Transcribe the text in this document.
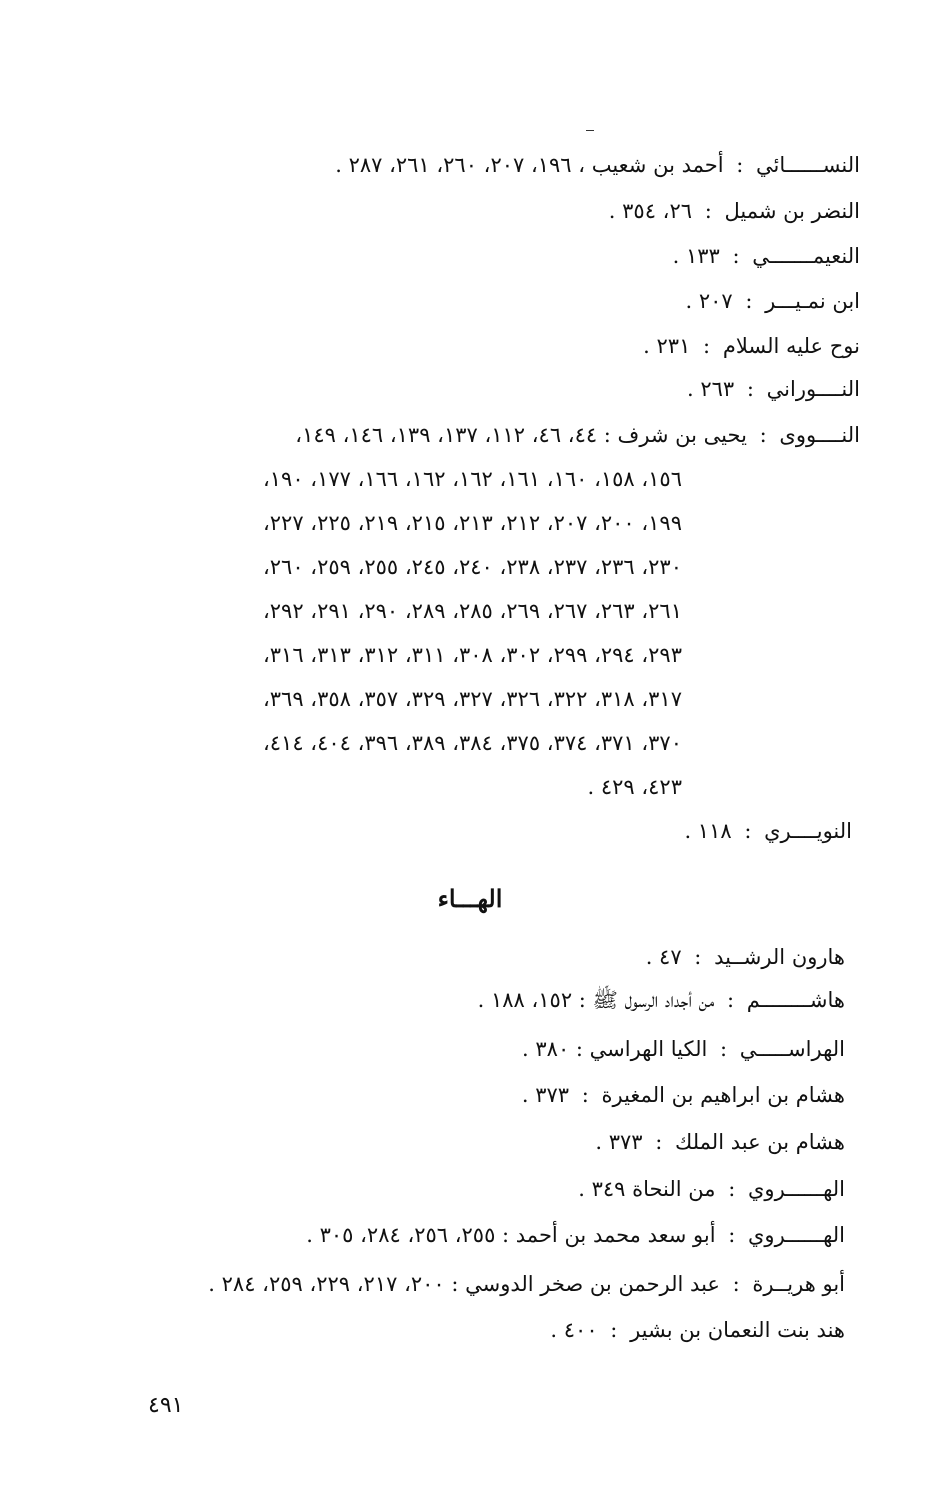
النســــــائي : أحمد بن شعيب ، ١٩٦، ٢٠٧، ٢٦٠، ٢٦١، ٢٨٧ .
النضر بن شميل : ٢٦، ٣٥٤ .
النعيمـــــــي : ١٣٣ .
ابن نمـيـــر : ٢٠٧ .
نوح عليه السلام : ٢٣١ .
النــــوراني : ٢٦٣ .
النــــووى : يحيى بن شرف : ٤٤، ٤٦، ١١٢، ١٣٧، ١٣٩، ١٤٦، ١٤٩،
١٥٦، ١٥٨، ١٦٠، ١٦١، ١٦٢، ١٦٢، ١٦٦، ١٧٧، ١٩٠،
١٩٩، ٢٠٠، ٢٠٧، ٢١٢، ٢١٣، ٢١٥، ٢١٩، ٢٢٥، ٢٢٧،
٢٣٠، ٢٣٦، ٢٣٧، ٢٣٨، ٢٤٠، ٢٤٥، ٢٥٥، ٢٥٩، ٢٦٠،
٢٦١، ٢٦٣، ٢٦٧، ٢٦٩، ٢٨٥، ٢٨٩، ٢٩٠، ٢٩١، ٢٩٢،
٢٩٣، ٢٩٤، ٢٩٩، ٣٠٢، ٣٠٨، ٣١١، ٣١٢، ٣١٣، ٣١٦،
٣١٧، ٣١٨، ٣٢٢، ٣٢٦، ٣٢٧، ٣٢٩، ٣٥٧، ٣٥٨، ٣٦٩،
٣٧٠، ٣٧١، ٣٧٤، ٣٧٥، ٣٨٤، ٣٨٩، ٣٩٦، ٤٠٤، ٤١٤،
٤٢٣، ٤٢٩ .
النويــــري : ١١٨ .
الهـــاء
هارون الرشــيد : ٤٧ .
هاشــــــــم : من أجداد الرسول ﷺ : ١٥٢، ١٨٨ .
الهراســـــي : الكيا الهراسي : ٣٨٠ .
هشام بن ابراهيم بن المغيرة : ٣٧٣ .
هشام بن عبد الملك : ٣٧٣ .
الهــــــروي : من النحاة ٣٤٩ .
الهــــــروي : أبو سعد محمد بن أحمد : ٢٥٥، ٢٥٦، ٢٨٤، ٣٠٥ .
أبو هريــرة : عبد الرحمن بن صخر الدوسي : ٢٠٠، ٢١٧، ٢٢٩، ٢٥٩، ٢٨٤ .
هند بنت النعمان بن بشير : ٤٠٠ .
٤٩١
